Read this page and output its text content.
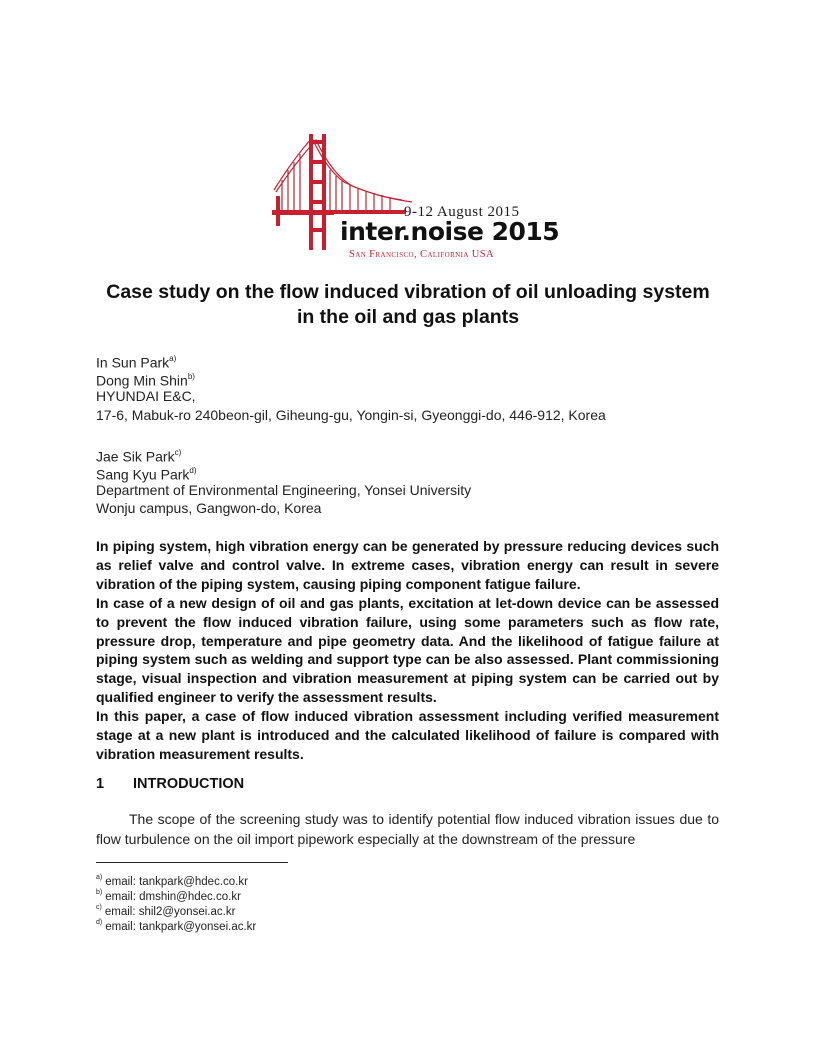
9-12 August 2015
inter.noise 2015
San Francisco, California USA
Case study on the flow induced vibration of oil unloading system in the oil and gas plants
In Sun Park$^{a)}$
Dong Min Shin$^{b)}$
HYUNDAI E&C,
17-6, Mabuk-ro 240beon-gil, Giheung-gu, Yongin-si, Gyeonggi-do, 446-912, Korea
Jae Sik Park$^{c)}$
Sang Kyu Park$^{d)}$
Department of Environmental Engineering, Yonsei University
Wonju campus, Gangwon-do, Korea

In piping system, high vibration energy can be generated by pressure reducing devices such as relief valve and control valve. In extreme cases, vibration energy can result in severe vibration of the piping system, causing piping component fatigue failure.

In case of a new design of oil and gas plants, excitation at let-down device can be assessed to prevent the flow induced vibration failure, using some parameters such as flow rate, pressure drop, temperature and pipe geometry data. And the likelihood of fatigue failure at piping system such as welding and support type can be also assessed. Plant commissioning stage, visual inspection and vibration measurement at piping system can be carried out by qualified engineer to verify the assessment results.

In this paper, a case of flow induced vibration assessment including verified measurement stage at a new plant is introduced and the calculated likelihood of failure is compared with vibration measurement results.

1 INTRODUCTION
The scope of the screening study was to identify potential flow induced vibration issues due to flow turbulence on the oil import pipework especially at the downstream of the pressure
$^{a)}$ email: tankpark@hdec.co.kr
$^{b)}$ email: dmshin@hdec.co.kr
$^{c)}$ email: shil2@yonsei.ac.kr
$^{d)}$ email: tankpark@yonsei.ac.kr
